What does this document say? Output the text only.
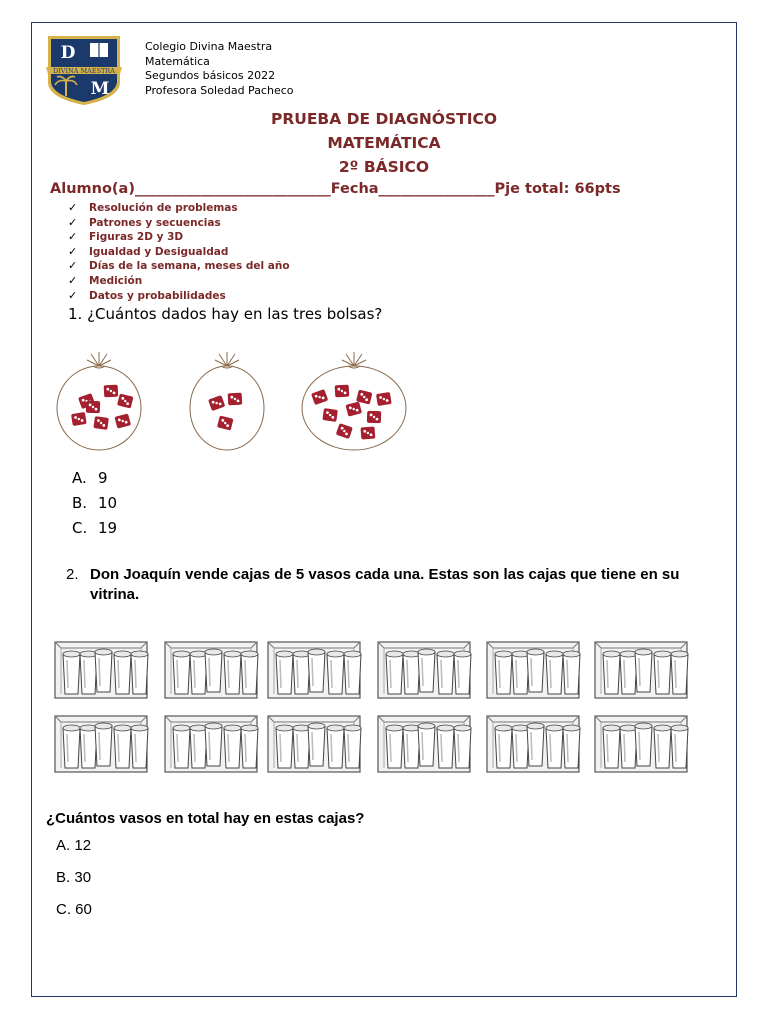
D
DIVINA MAESTRA
M
Colegio Divina Maestra
Matemática
Segundos básicos 2022
Profesora Soledad Pacheco
PRUEBA DE DIAGNÓSTICO
MATEMÁTICA
2º BÁSICO
Alumno(a)___________________________Fecha________________Pje total: 66pts
✓ Resolución de problemas
✓ Patrones y secuencias
✓ Figuras 2D y 3D
✓ Igualdad y Desigualdad
✓ Días de la semana, meses del año
✓ Medición
✓ Datos y probabilidades
1. ¿Cuántos dados hay en las tres bolsas?
A. 9
B. 10
C. 19
2. Don Joaquín vende cajas de 5 vasos cada una. Estas son las cajas que tiene en su vitrina.
¿Cuántos vasos en total hay en estas cajas?
A. 12
B. 30
C. 60
